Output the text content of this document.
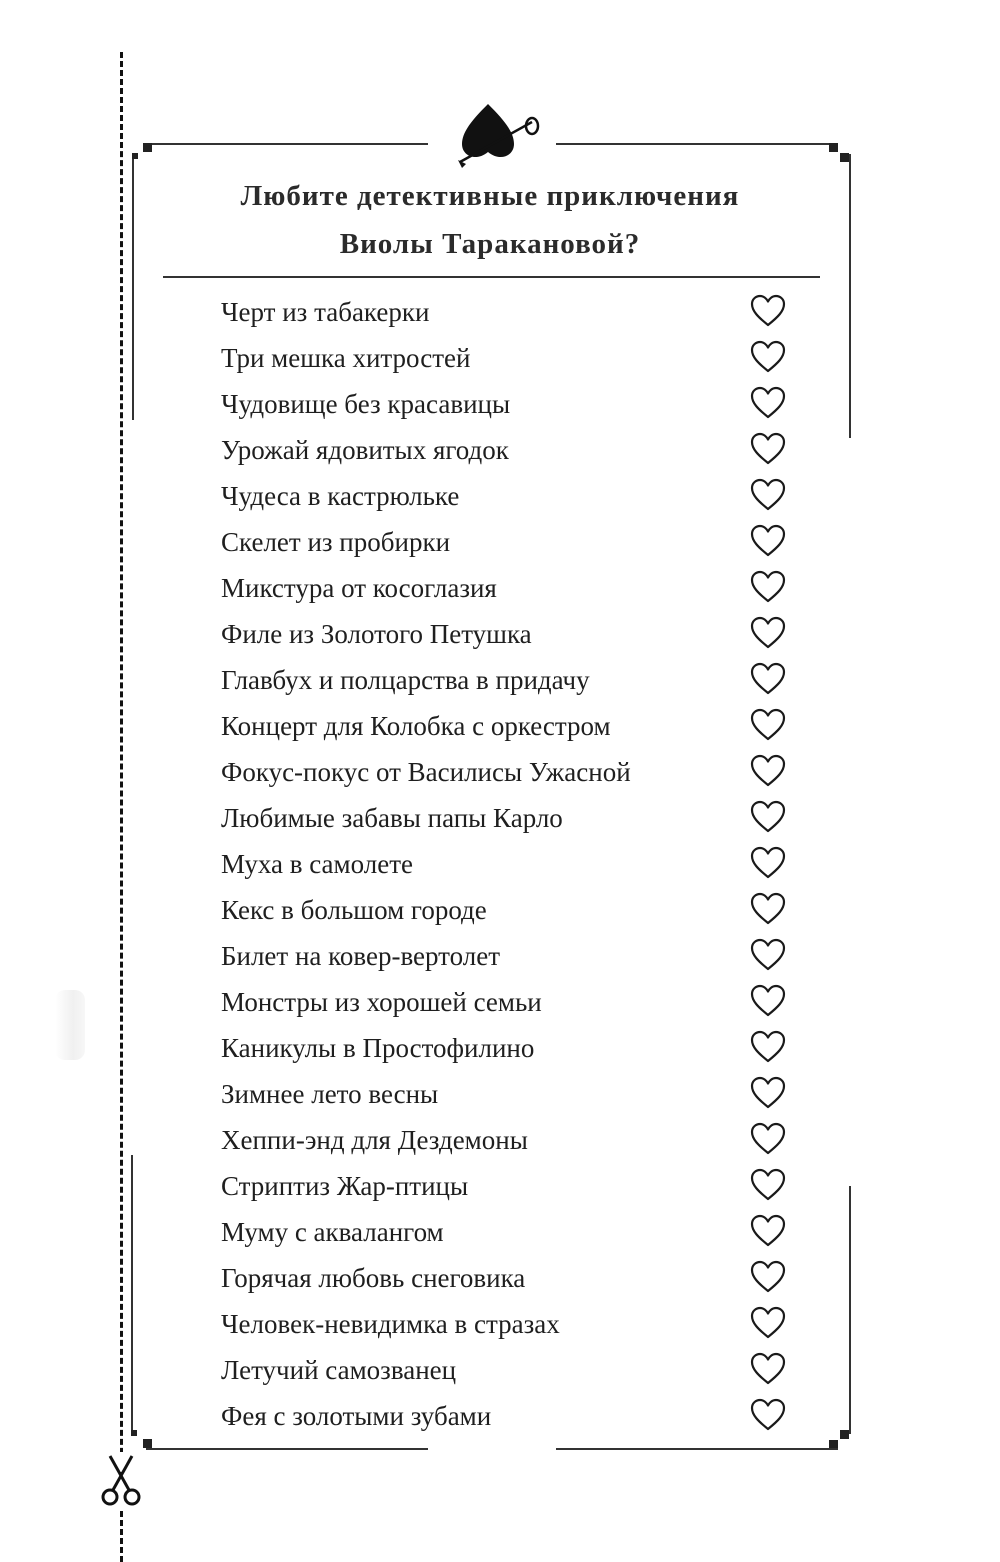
Любите детективные приключения
Виолы Таракановой?
Черт из табакерки
Три мешка хитростей
Чудовище без красавицы
Урожай ядовитых ягодок
Чудеса в кастрюльке
Скелет из пробирки
Микстура от косоглазия
Филе из Золотого Петушка
Главбух и полцарства в придачу
Концерт для Колобка с оркестром
Фокус-покус от Василисы Ужасной
Любимые забавы папы Карло
Муха в самолете
Кекс в большом городе
Билет на ковер-вертолет
Монстры из хорошей семьи
Каникулы в Простофилино
Зимнее лето весны
Хеппи-энд для Дездемоны
Стриптиз Жар-птицы
Муму с аквалангом
Горячая любовь снеговика
Человек-невидимка в стразах
Летучий самозванец
Фея с золотыми зубами
